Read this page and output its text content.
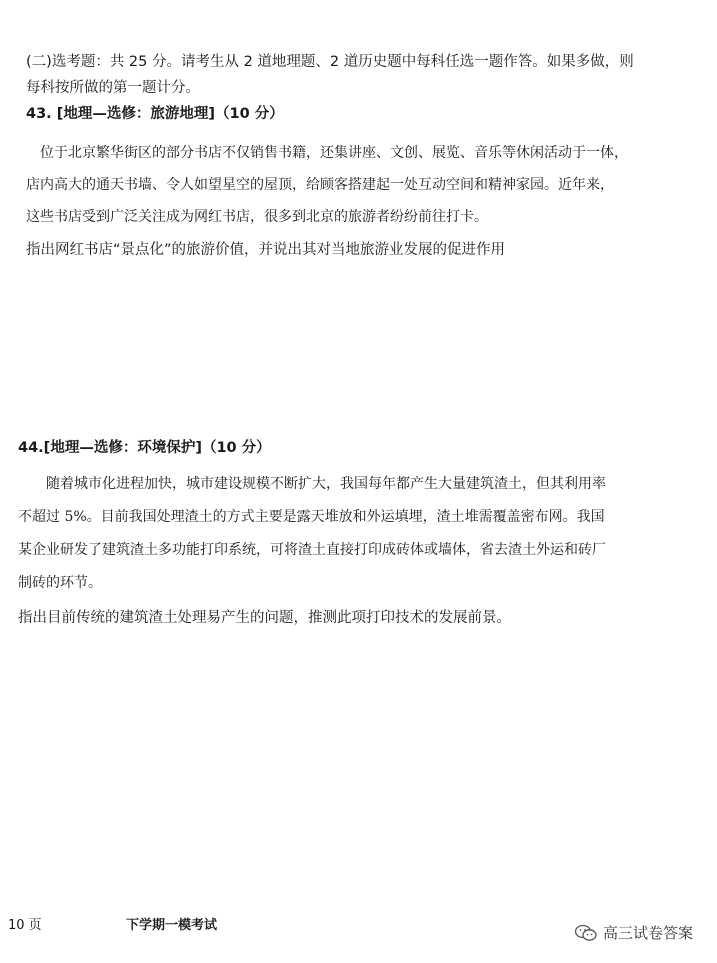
(二)选考题：共 25 分。请考生从 2 道地理题、2 道历史题中每科任选一题作答。如果多做，则
每科按所做的第一题计分。
43. [地理—选修：旅游地理]（10 分）
位于北京繁华街区的部分书店不仅销售书籍，还集讲座、文创、展览、音乐等休闲活动于一体，
店内高大的通天书墙、令人如望星空的屋顶，给顾客搭建起一处互动空间和精神家园。近年来，
这些书店受到广泛关注成为网红书店，很多到北京的旅游者纷纷前往打卡。
指出网红书店“景点化”的旅游价值，并说出其对当地旅游业发展的促进作用
44.[地理—选修：环境保护]（10 分）
随着城市化进程加快，城市建设规模不断扩大，我国每年都产生大量建筑渣土，但其利用率
不超过 5%。目前我国处理渣土的方式主要是露天堆放和外运填埋，渣土堆需覆盖密布网。我国
某企业研发了建筑渣土多功能打印系统，可将渣土直接打印成砖体或墙体，省去渣土外运和砖厂
制砖的环节。
指出目前传统的建筑渣土处理易产生的问题，推测此项打印技术的发展前景。
10 页	下学期一模考试	高三试卷答案
